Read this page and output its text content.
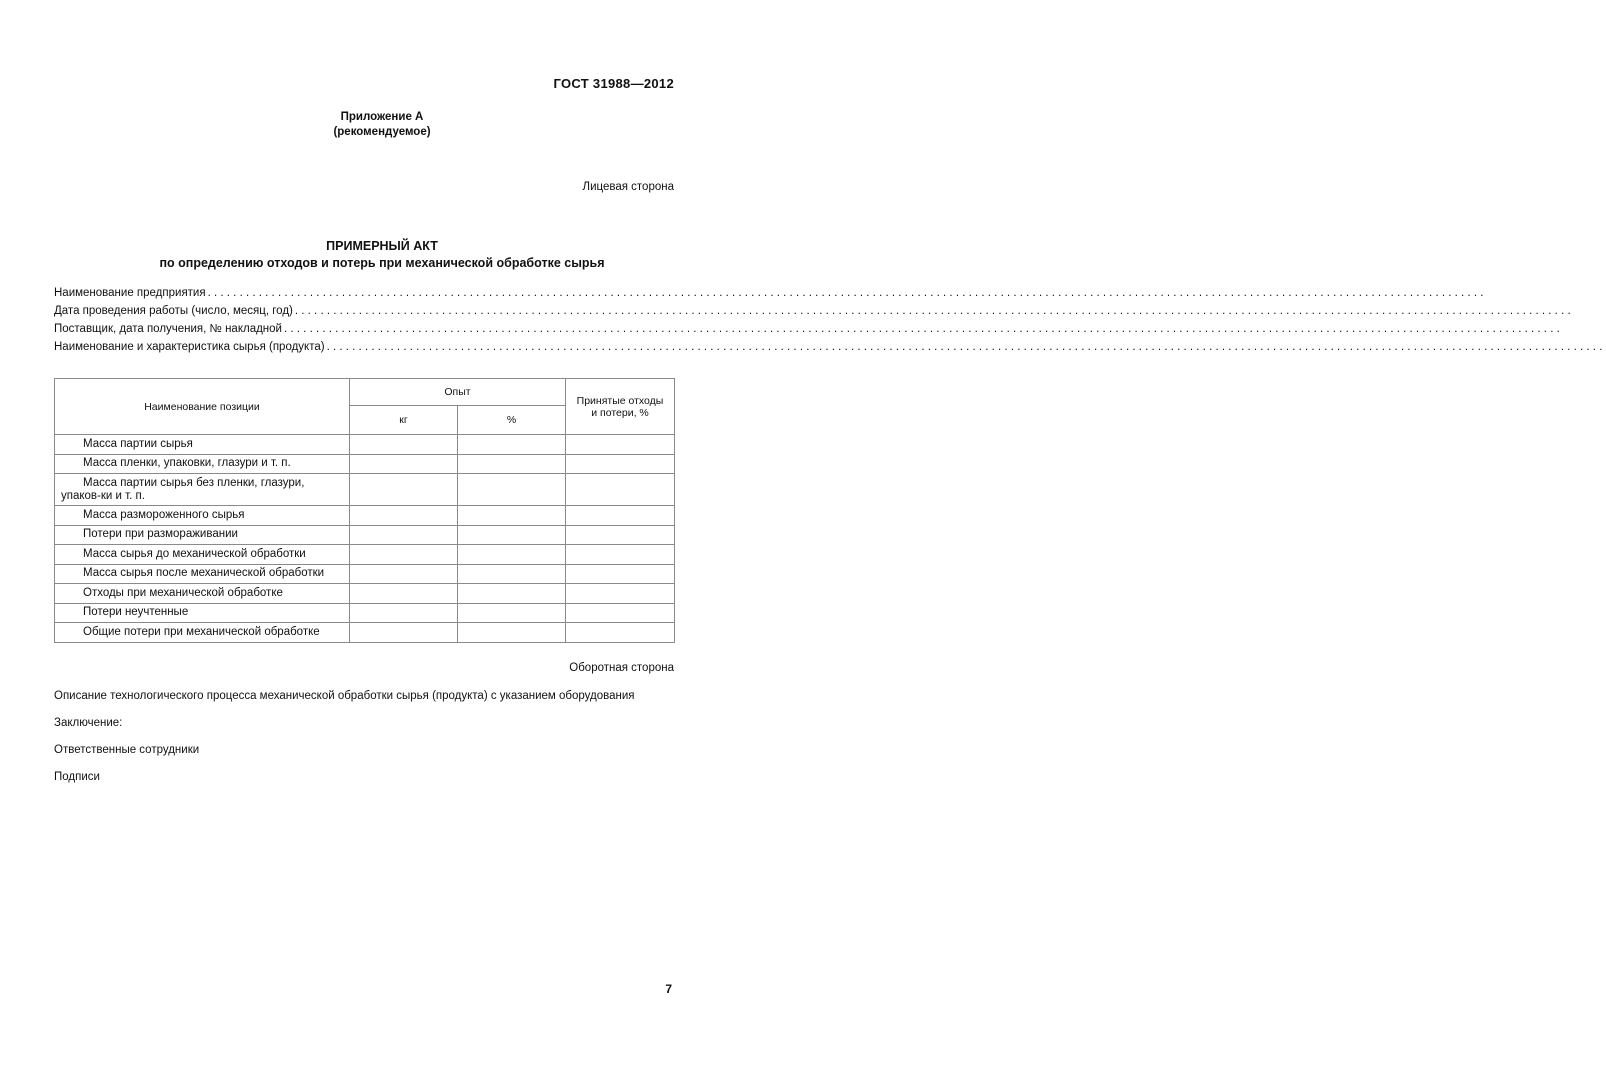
ГОСТ 31988—2012
Приложение А
(рекомендуемое)
Лицевая сторона
ПРИМЕРНЫЙ АКТ
по определению отходов и потерь при механической обработке сырья
Наименование предприятия ........................................................................................................................................................................................................
Дата проведения работы (число, месяц, год) ........................................................................................................................................................................................................
Поставщик, дата получения, № накладной ........................................................................................................................................................................................................
Наименование и характеристика сырья (продукта) ........................................................................................................................................................................................................
Наименование позиции	Опыт		Принятые отходы и потери, %
	кг	%	

Масса партии сырья			

Масса пленки, упаковки, глазури и т. п.			

Масса партии сырья без пленки, глазури, упаков-ки и т. п.			

Масса размороженного сырья			

Потери при размораживании			

Масса сырья до механической обработки			

Масса сырья после механической обработки			

Отходы при механической обработке			

Потери неучтенные			

Общие потери при механической обработке			

Оборотная сторона
Описание технологического процесса механической обработки сырья (продукта) с указанием оборудования
Заключение:
Ответственные сотрудники
Подписи
7
